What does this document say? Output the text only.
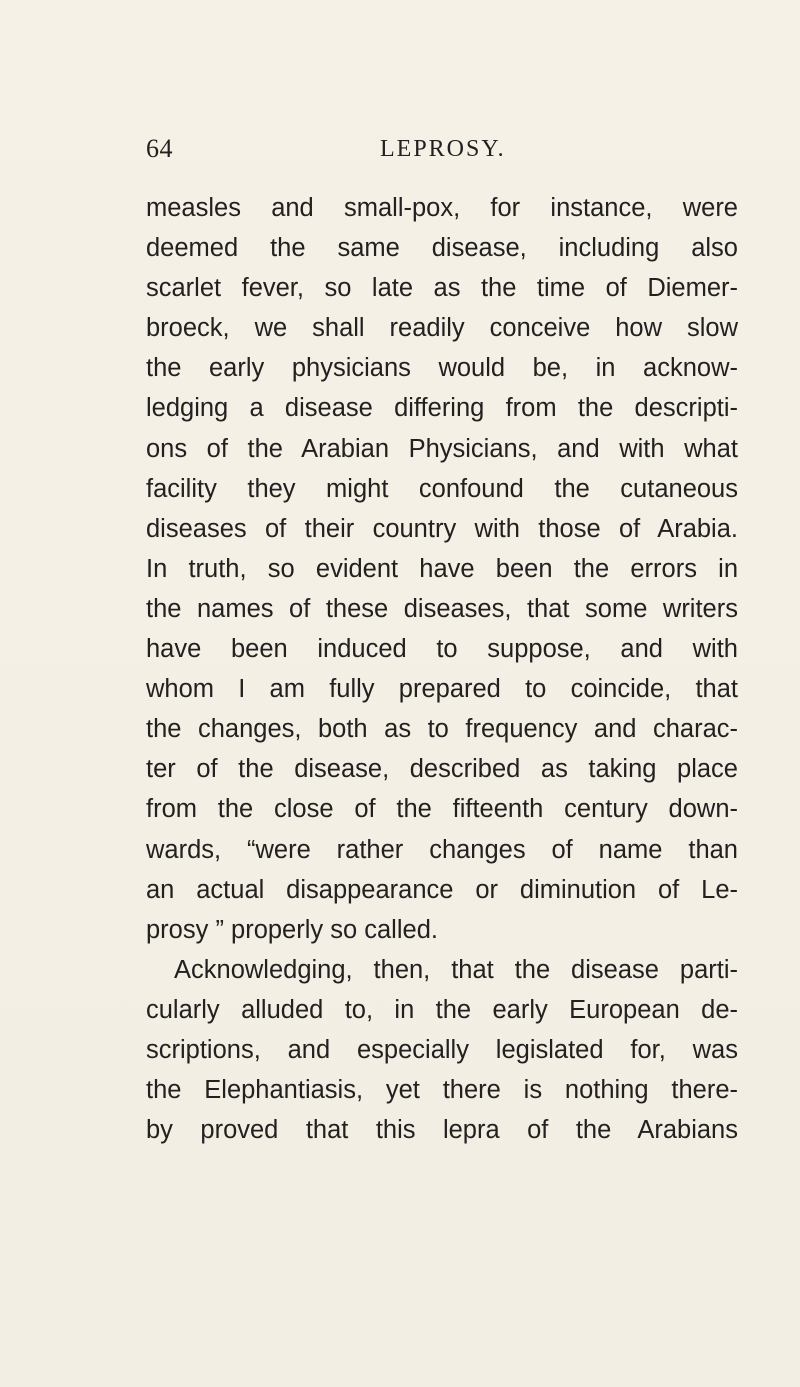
64	LEPROSY.
measles and small-pox, for instance, were
deemed the same disease, including also
scarlet fever, so late as the time of Diemer-
broeck, we shall readily conceive how slow
the early physicians would be, in acknow-
ledging a disease differing from the descripti-
ons of the Arabian Physicians, and with what
facility they might confound the cutaneous
diseases of their country with those of Arabia.
In truth, so evident have been the errors in
the names of these diseases, that some writers
have been induced to suppose, and with
whom I am fully prepared to coincide, that
the changes, both as to frequency and charac-
ter of the disease, described as taking place
from the close of the fifteenth century down-
wards, “were rather changes of name than
an actual disappearance or diminution of Le-
prosy ” properly so called.
Acknowledging, then, that the disease parti-
cularly alluded to, in the early European de-
scriptions, and especially legislated for, was
the Elephantiasis, yet there is nothing there-
by proved that this lepra of the Arabians
